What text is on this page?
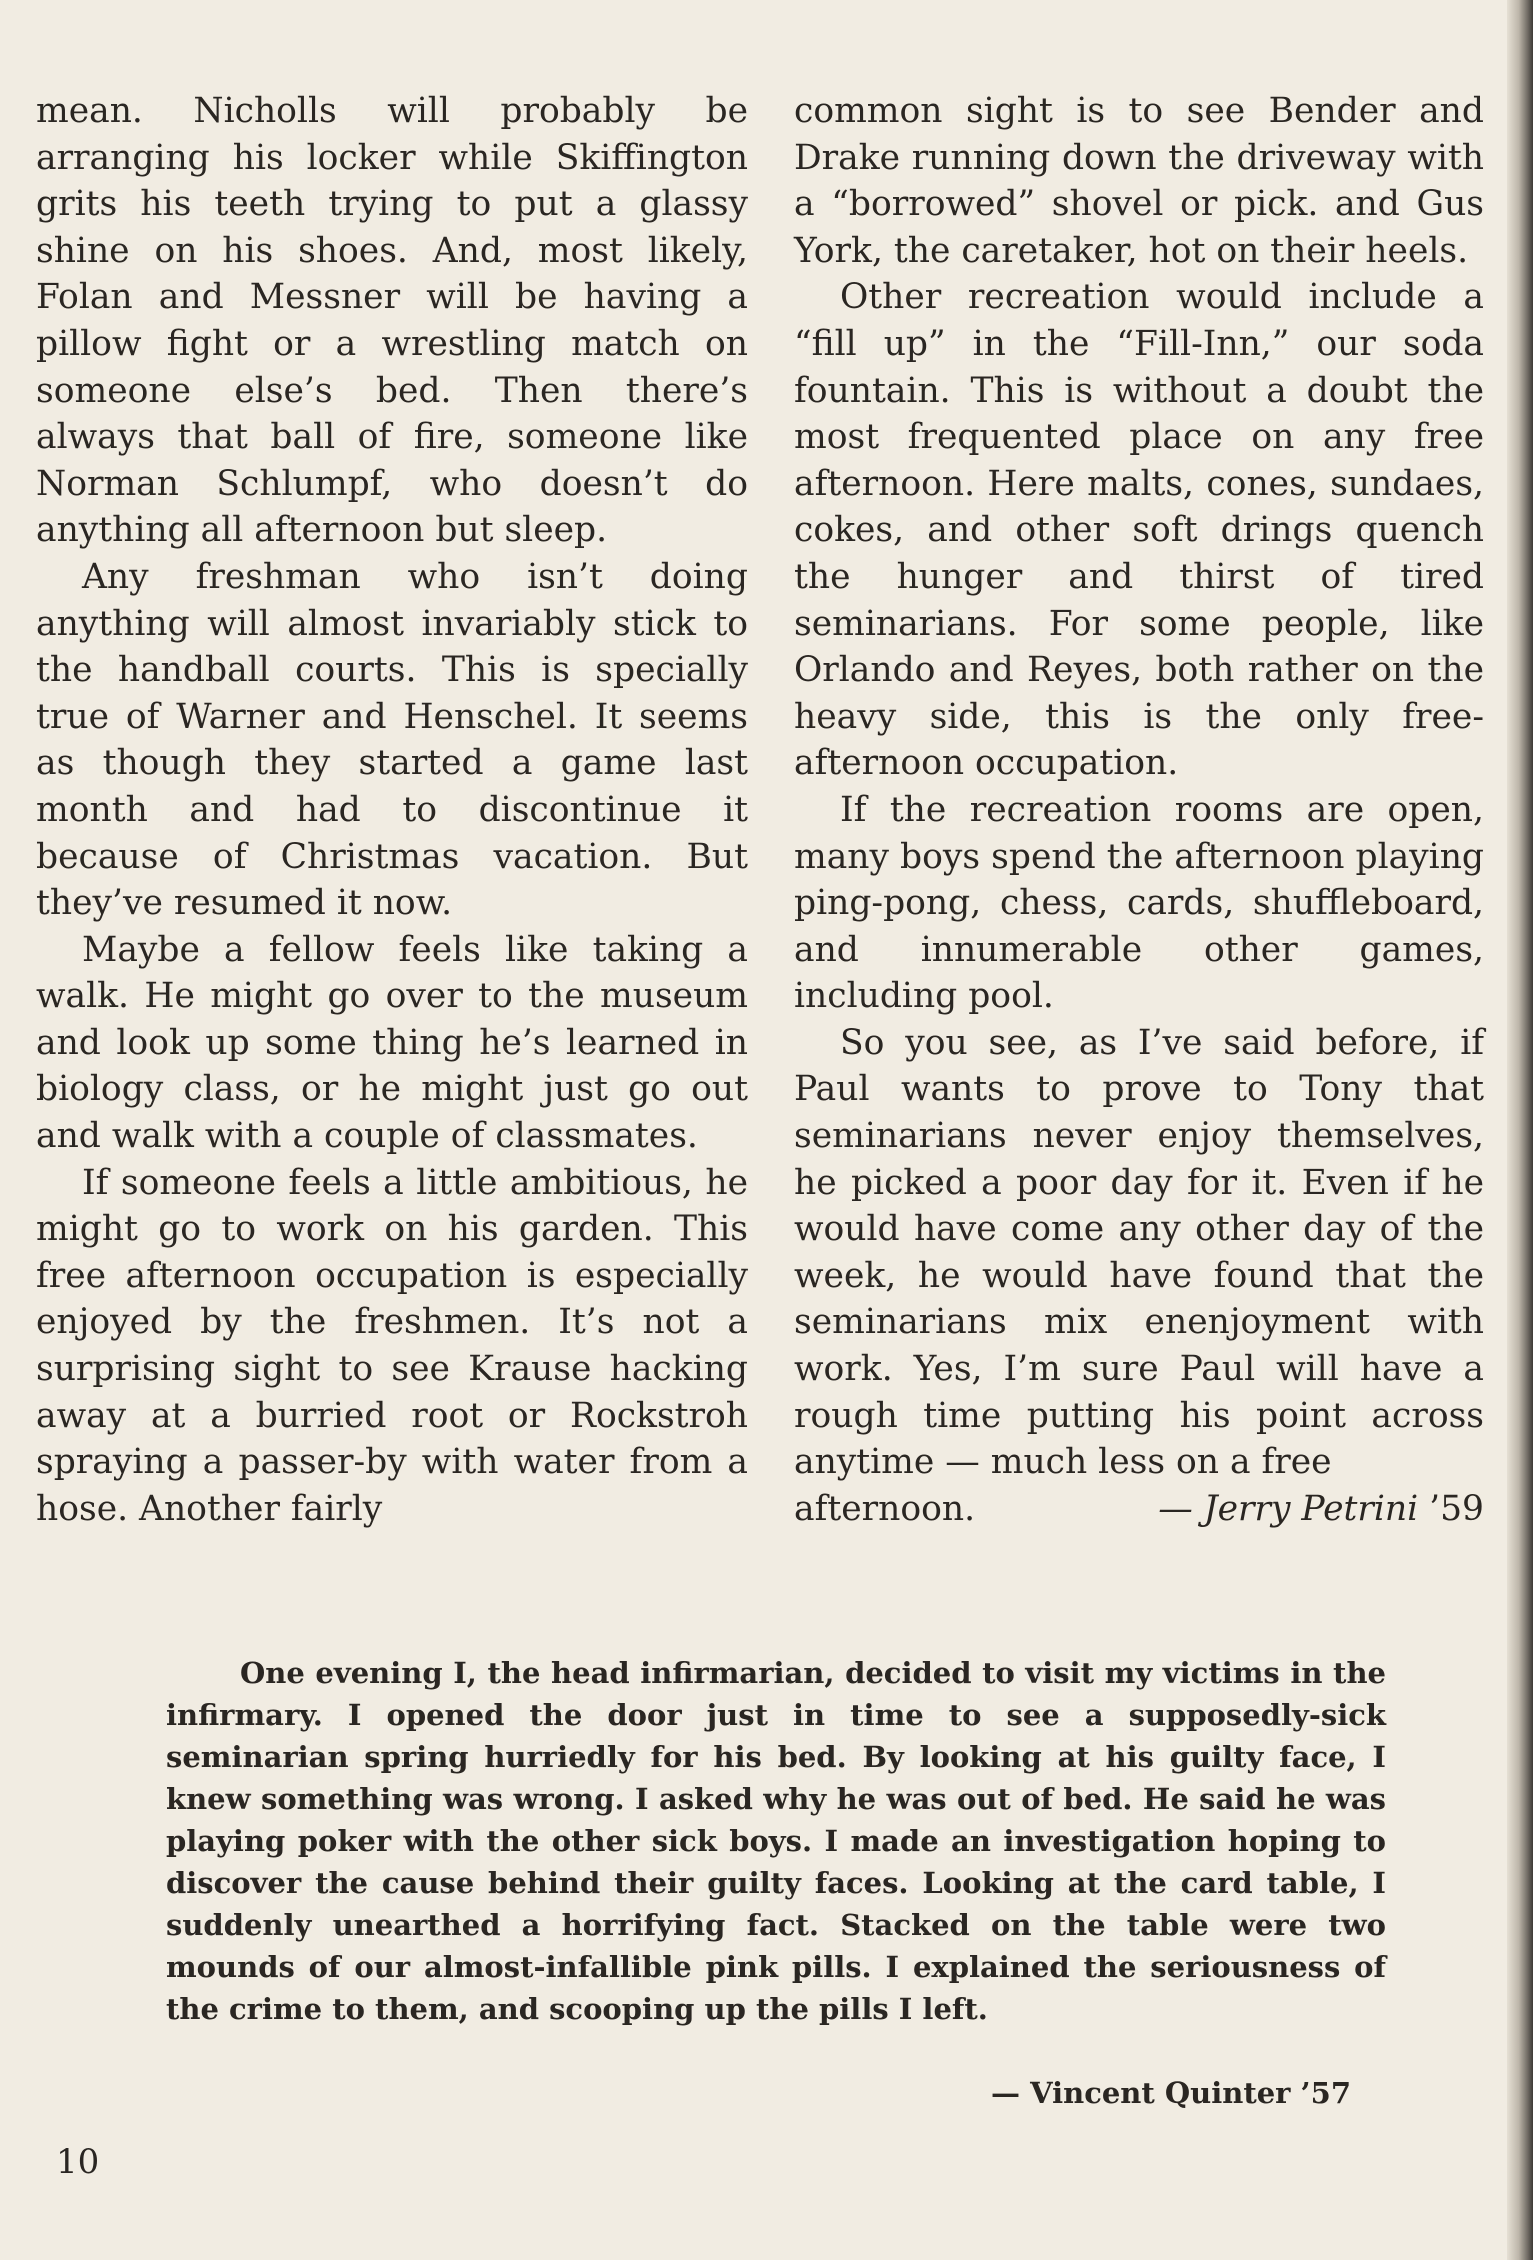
mean. Nicholls will probably be arranging his locker while Skiffington grits his teeth trying to put a glassy shine on his shoes. And, most likely, Folan and Messner will be having a pillow fight or a wrestling match on someone else’s bed. Then there’s always that ball of fire, someone like Norman Schlumpf, who doesn’t do anything all afternoon but sleep.

Any freshman who isn’t doing anything will almost invariably stick to the handball courts. This is specially true of Warner and Henschel. It seems as though they started a game last month and had to discontinue it because of Christmas vacation. But they’ve resumed it now.

Maybe a fellow feels like taking a walk. He might go over to the museum and look up some thing he’s learned in biology class, or he might just go out and walk with a couple of classmates.

If someone feels a little ambitious, he might go to work on his garden. This free afternoon occupation is especially enjoyed by the freshmen. It’s not a surprising sight to see Krause hacking away at a burried root or Rockstroh spraying a passer-by with water from a hose. Another fairly

common sight is to see Bender and Drake running down the driveway with a “borrowed” shovel or pick. and Gus York, the caretaker, hot on their heels.

Other recreation would include a “fill up” in the “Fill-Inn,” our soda fountain. This is without a doubt the most frequented place on any free afternoon. Here malts, cones, sundaes, cokes, and other soft drings quench the hunger and thirst of tired seminarians. For some people, like Orlando and Reyes, both rather on the heavy side, this is the only free-afternoon occupation.

If the recreation rooms are open, many boys spend the afternoon playing ping-pong, chess, cards, shuffleboard, and innumerable other games, including pool.

So you see, as I’ve said before, if Paul wants to prove to Tony that seminarians never enjoy themselves, he picked a poor day for it. Even if he would have come any other day of the week, he would have found that the seminarians mix enenjoyment with work. Yes, I’m sure Paul will have a rough time putting his point across anytime — much less on a free

afternoon.	— Jerry Petrini ’59

One evening I, the head infirmarian, decided to visit my victims in the infirmary. I opened the door just in time to see a supposedly-sick seminarian spring hurriedly for his bed. By looking at his guilty face, I knew something was wrong. I asked why he was out of bed. He said he was playing poker with the other sick boys. I made an investigation hoping to discover the cause behind their guilty faces. Looking at the card table, I suddenly unearthed a horrifying fact. Stacked on the table were two mounds of our almost-infallible pink pills. I explained the seriousness of the crime to them, and scooping up the pills I left.

— Vincent Quinter ’57
10
